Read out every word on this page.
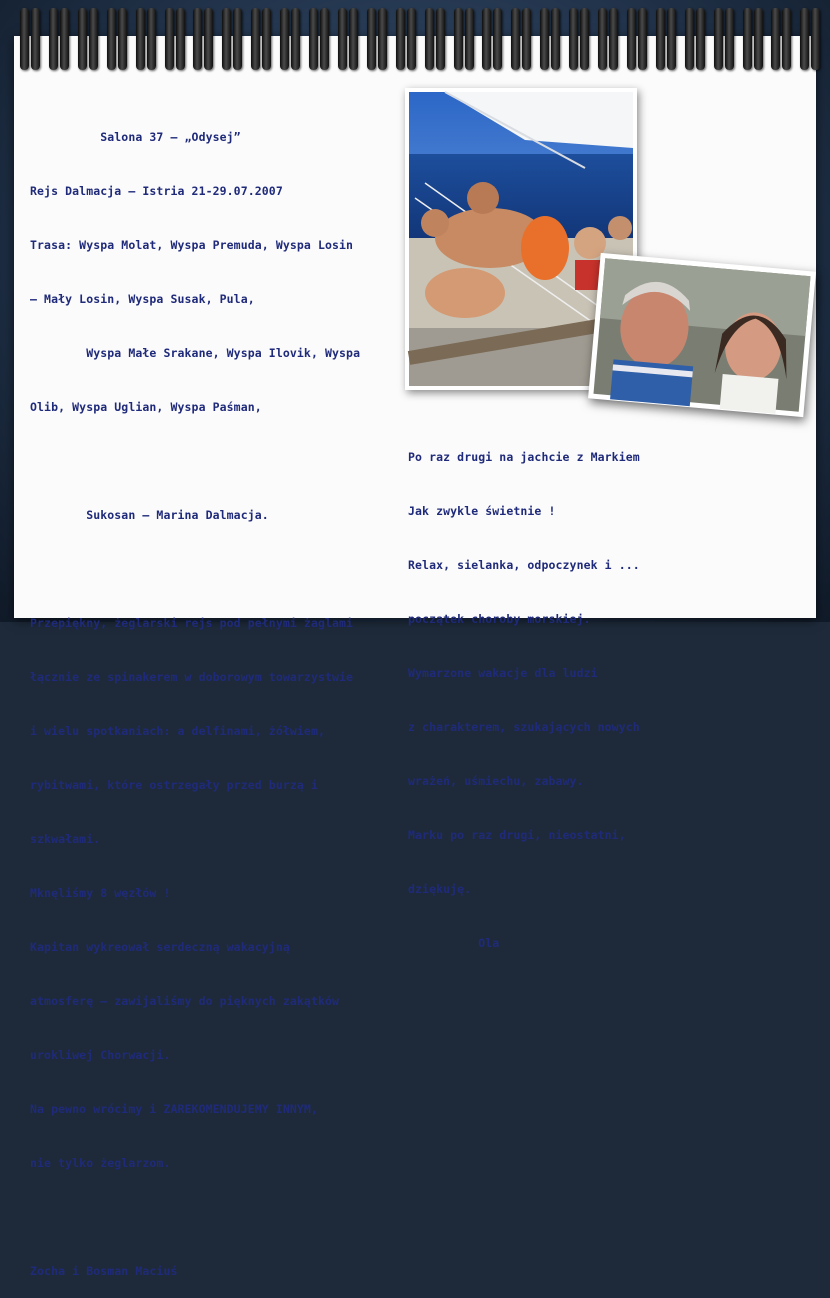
Salona 37 – „Odysej”

Rejs Dalmacja – Istria 21-29.07.2007

Trasa: Wyspa Molat, Wyspa Premuda, Wyspa Losin

– Mały Losin, Wyspa Susak, Pula,

Wyspa Małe Srakane, Wyspa Ilovik, Wyspa

Olib, Wyspa Uglian, Wyspa Paśman,

Sukosan – Marina Dalmacja.

Przepiękny, żeglarski rejs pod pełnymi żaglami

łącznie ze spinakerem w doborowym towarzystwie

i wielu spotkaniach: a delfinami, żółwiem,

rybitwami, które ostrzegały przed burzą i

szkwałami.

Mknęliśmy 8 węzłów !

Kapitan wykreował serdeczną wakacyjną

atmosferę – zawijaliśmy do pięknych zakątków

urokliwej Chorwacji.

Na pewno wrócimy i ZAREKOMENDUJEMY INNYM,

nie tylko żeglarzom.

Zocha i Bosman Maciuś

Po raz drugi na jachcie z Markiem

Jak zwykle świetnie !

Relax, sielanka, odpoczynek i ...

początek choroby morskiej.

Wymarzone wakacje dla ludzi

z charakterem, szukających nowych

wrażeń, uśmiechu, zabawy.

Marku po raz drugi, nieostatni,

dziękuję.

Ola
